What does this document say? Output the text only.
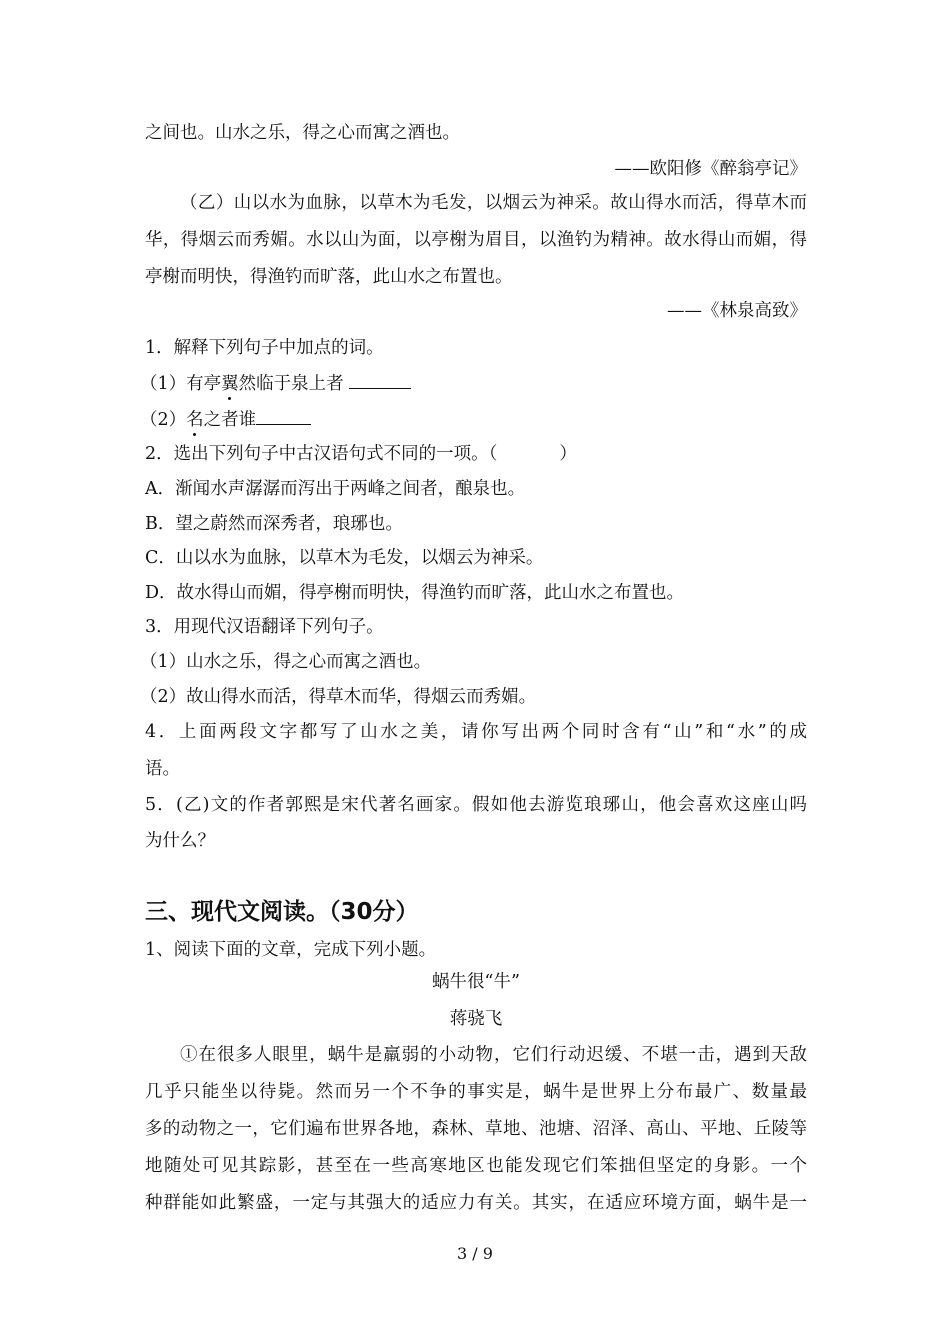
之间也。山水之乐，得之心而寓之酒也。
——欧阳修《醉翁亭记》
（乙）山以水为血脉，以草木为毛发，以烟云为神采。故山得水而活，得草木而
华，得烟云而秀媚。水以山为面，以亭榭为眉目，以渔钓为精神。故水得山而媚，得
亭榭而明快，得渔钓而旷落，此山水之布置也。
——《林泉高致》
1．解释下列句子中加点的词。
（1）有亭翼然临于泉上者
（2）名之者谁
2．选出下列句子中古汉语句式不同的一项。（	）
A．渐闻水声潺潺而泻出于两峰之间者，酿泉也。
B．望之蔚然而深秀者，琅琊也。
C．山以水为血脉，以草木为毛发，以烟云为神采。
D．故水得山而媚，得亭榭而明快，得渔钓而旷落，此山水之布置也。
3．用现代汉语翻译下列句子。
（1）山水之乐，得之心而寓之酒也。
（2）故山得水而活，得草木而华，得烟云而秀媚。
4．上面两段文字都写了山水之美，请你写出两个同时含有“山”和“水”的成
语。
5．(乙)文的作者郭熙是宋代著名画家。假如他去游览琅琊山，他会喜欢这座山吗
为什么？
三、现代文阅读。（30分）
1、阅读下面的文章，完成下列小题。
蜗牛很“牛”
蒋骁飞
①在很多人眼里，蜗牛是羸弱的小动物，它们行动迟缓、不堪一击，遇到天敌
几乎只能坐以待毙。然而另一个不争的事实是，蜗牛是世界上分布最广、数量最
多的动物之一，它们遍布世界各地，森林、草地、池塘、沼泽、高山、平地、丘陵等
地随处可见其踪影，甚至在一些高寒地区也能发现它们笨拙但坚定的身影。一个
种群能如此繁盛，一定与其强大的适应力有关。其实，在适应环境方面，蜗牛是一
3 / 9
